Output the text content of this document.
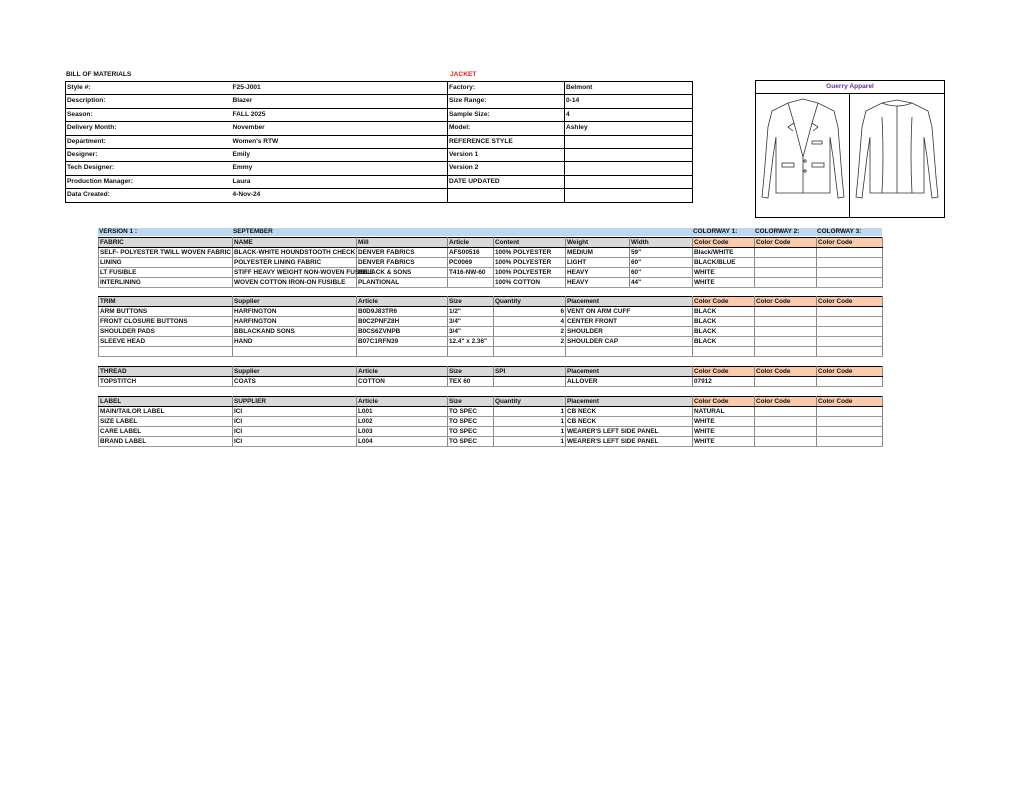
BILL OF MATERIALS	JACKET
Style #:	F25-J001	Factory:	Belmont
Description:	Blazer	Size Range:	0-14
Season:	FALL 2025	Sample Size:	4
Delivery Month:	November	Model:	Ashley
Department:	Women's RTW	REFERENCE STYLE	
Designer:	Emily	Version 1	
Tech Designer:	Emmy	Version 2	
Production Manager:	Laura	DATE UPDATED	
Data Created:	4-Nov-24		
Guerry Apparel
VERSION 1 :	SEPTEMBER	COLORWAY 1:	COLORWAY 2:	COLORWAY 3:
FABRIC	NAME	Mill	Article	Content	Weight	Width	Color Code	Color Code	Color Code
SELF- POLYESTER TWILL WOVEN FABRIC	BLACK-WHITE HOUNDSTOOTH CHECK	DENVER FABRICS	AFS00516	100% POLYESTER	MEDIUM	59"	Black/WHITE		
LINING	POLYESTER LINING FABRIC	DENVER FABRICS	PC0069	100% POLYESTER	LIGHT	60"	BLACK/BLUE		
LT FUSIBLE	STIFF HEAVY WEIGHT NON-WOVEN FUSIBLE	BBLACK & SONS	T416-NW-60	100% POLYESTER	HEAVY	60"	WHITE		
INTERLINING	WOVEN COTTON IRON-ON FUSIBLE	PLANTIONAL		100% COTTON	HEAVY	44"	WHITE		
TRIM	Supplier	Article	Size	Quantity	Placement	Color Code	Color Code	Color Code
ARM BUTTONS	HARFINGTON	B0D9J83TR6	1/2"	6	VENT ON ARM CUFF	BLACK		
FRONT CLOSURE BUTTONS	HARFINGTON	B0C2PNFZ8H	3/4"	4	CENTER FRONT	BLACK		
SHOULDER PADS	BBLACKAND SONS	B0CS6ZVNPB	3/4"	2	SHOULDER	BLACK		
SLEEVE HEAD	HAND	B07C1RFN39	12.4" x 2.36"	2	SHOULDER CAP	BLACK		

THREAD	Supplier	Article	Size	SPI	Placement	Color Code	Color Code	Color Code
TOPSTITCH	COATS	COTTON	TEX 60		ALLOVER	07912		
LABEL	SUPPLIER	Article	Size	Quantity	Placement	Color Code	Color Code	Color Code
MAIN/TAILOR LABEL	ICI	L001	TO SPEC	1	CB NECK	NATURAL		
SIZE LABEL	ICI	L002	TO SPEC	1	CB NECK	WHITE		
CARE LABEL	ICI	L003	TO SPEC	1	WEARER'S LEFT SIDE PANEL	WHITE		
BRAND LABEL	ICI	L004	TO SPEC	1	WEARER'S LEFT SIDE PANEL	WHITE		
